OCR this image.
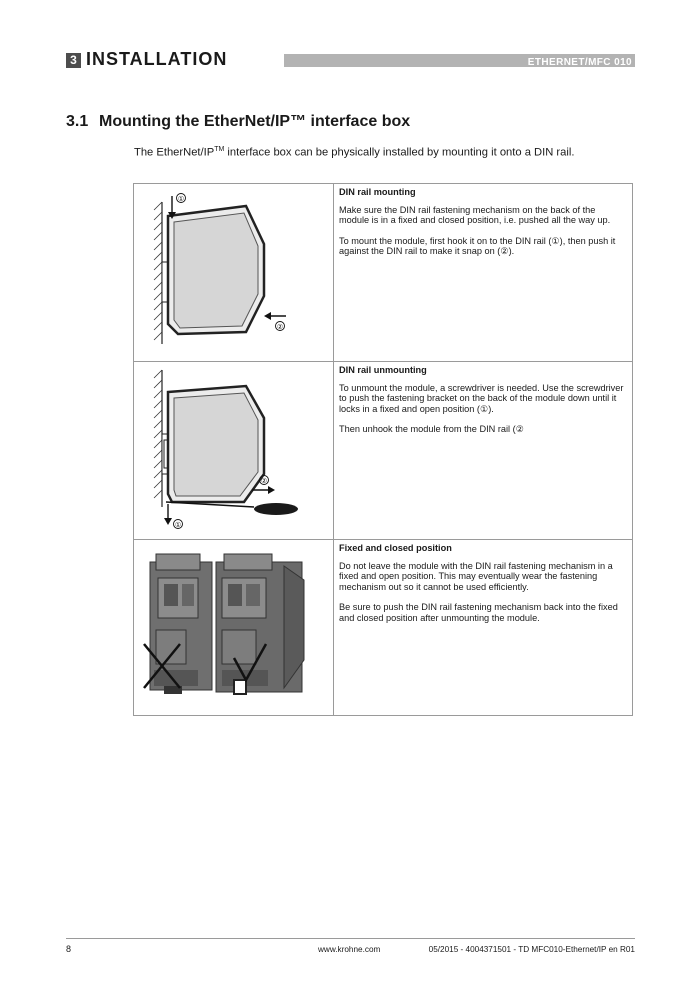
3 INSTALLATION	ETHERNET/MFC 010
3.1 Mounting the EtherNet/IP™ interface box
The EtherNet/IP™ interface box can be physically installed by mounting it onto a DIN rail.
①
②
DIN rail mounting

Make sure the DIN rail fastening mechanism on the back of the module is in a fixed and closed position, i.e. pushed all the way up.

To mount the module, first hook it on to the DIN rail (①), then push it against the DIN rail to make it snap on (②).

②
①
DIN rail unmounting

To unmount the module, a screwdriver is needed. Use the screwdriver to push the fastening bracket on the back of the module down until it locks in a fixed and open position (①).

Then unhook the module from the DIN rail (②

Fixed and closed position

Do not leave the module with the DIN rail fastening mechanism in a fixed and open position. This may eventually wear the fastening mechanism out so it cannot be used efficiently.

Be sure to push the DIN rail fastening mechanism back into the fixed and closed position after unmounting the module.

8	www.krohne.com	05/2015 - 4004371501 - TD MFC010-Ethernet/IP en R01
